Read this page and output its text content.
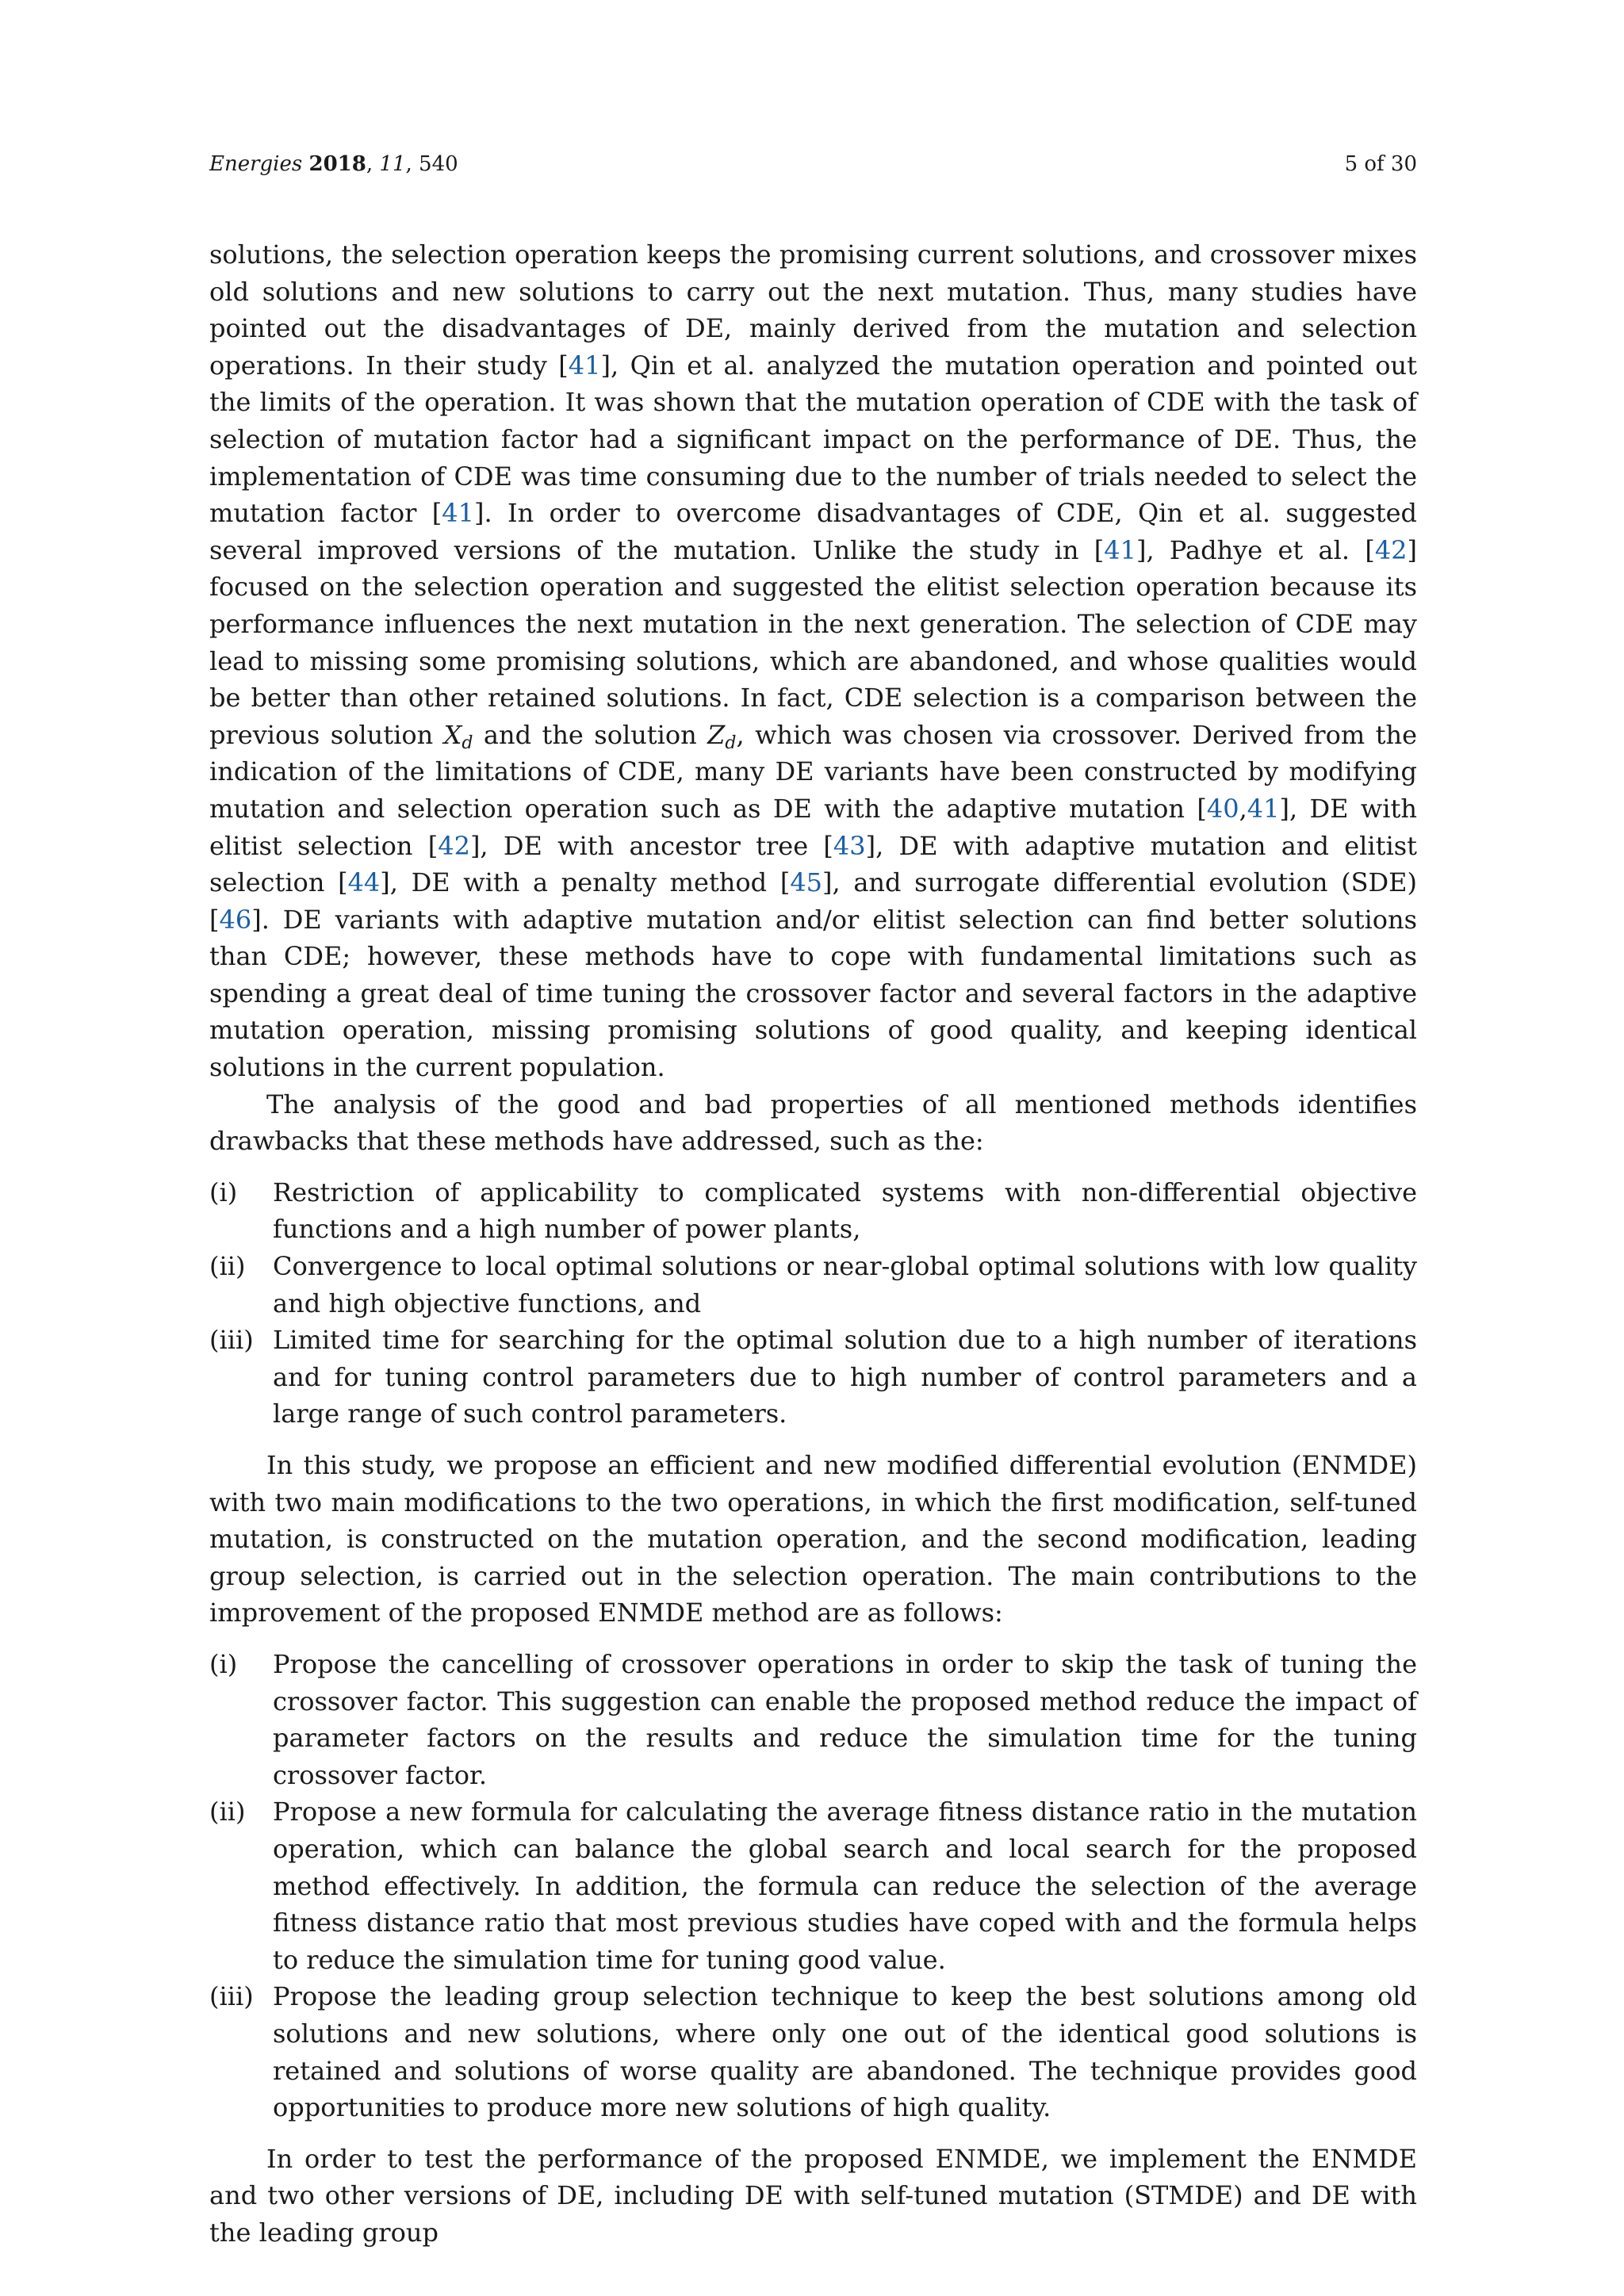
Energies 2018, 11, 540	5 of 30

solutions, the selection operation keeps the promising current solutions, and crossover mixes old solutions and new solutions to carry out the next mutation. Thus, many studies have pointed out the disadvantages of DE, mainly derived from the mutation and selection operations. In their study [41], Qin et al. analyzed the mutation operation and pointed out the limits of the operation. It was shown that the mutation operation of CDE with the task of selection of mutation factor had a significant impact on the performance of DE. Thus, the implementation of CDE was time consuming due to the number of trials needed to select the mutation factor [41]. In order to overcome disadvantages of CDE, Qin et al. suggested several improved versions of the mutation. Unlike the study in [41], Padhye et al. [42] focused on the selection operation and suggested the elitist selection operation because its performance influences the next mutation in the next generation. The selection of CDE may lead to missing some promising solutions, which are abandoned, and whose qualities would be better than other retained solutions. In fact, CDE selection is a comparison between the previous solution $X_d$ and the solution $Z_d$, which was chosen via crossover. Derived from the indication of the limitations of CDE, many DE variants have been constructed by modifying mutation and selection operation such as DE with the adaptive mutation [40,41], DE with elitist selection [42], DE with ancestor tree [43], DE with adaptive mutation and elitist selection [44], DE with a penalty method [45], and surrogate differential evolution (SDE) [46]. DE variants with adaptive mutation and/or elitist selection can find better solutions than CDE; however, these methods have to cope with fundamental limitations such as spending a great deal of time tuning the crossover factor and several factors in the adaptive mutation operation, missing promising solutions of good quality, and keeping identical solutions in the current population.

The analysis of the good and bad properties of all mentioned methods identifies drawbacks that these methods have addressed, such as the:

(i) Restriction of applicability to complicated systems with non-differential objective functions and a high number of power plants,
(ii) Convergence to local optimal solutions or near-global optimal solutions with low quality and high objective functions, and
(iii) Limited time for searching for the optimal solution due to a high number of iterations and for tuning control parameters due to high number of control parameters and a large range of such control parameters.

In this study, we propose an efficient and new modified differential evolution (ENMDE) with two main modifications to the two operations, in which the first modification, self-tuned mutation, is constructed on the mutation operation, and the second modification, leading group selection, is carried out in the selection operation. The main contributions to the improvement of the proposed ENMDE method are as follows:

(i) Propose the cancelling of crossover operations in order to skip the task of tuning the crossover factor. This suggestion can enable the proposed method reduce the impact of parameter factors on the results and reduce the simulation time for the tuning crossover factor.
(ii) Propose a new formula for calculating the average fitness distance ratio in the mutation operation, which can balance the global search and local search for the proposed method effectively. In addition, the formula can reduce the selection of the average fitness distance ratio that most previous studies have coped with and the formula helps to reduce the simulation time for tuning good value.
(iii) Propose the leading group selection technique to keep the best solutions among old solutions and new solutions, where only one out of the identical good solutions is retained and solutions of worse quality are abandoned. The technique provides good opportunities to produce more new solutions of high quality.

In order to test the performance of the proposed ENMDE, we implement the ENMDE and two other versions of DE, including DE with self-tuned mutation (STMDE) and DE with the leading group
